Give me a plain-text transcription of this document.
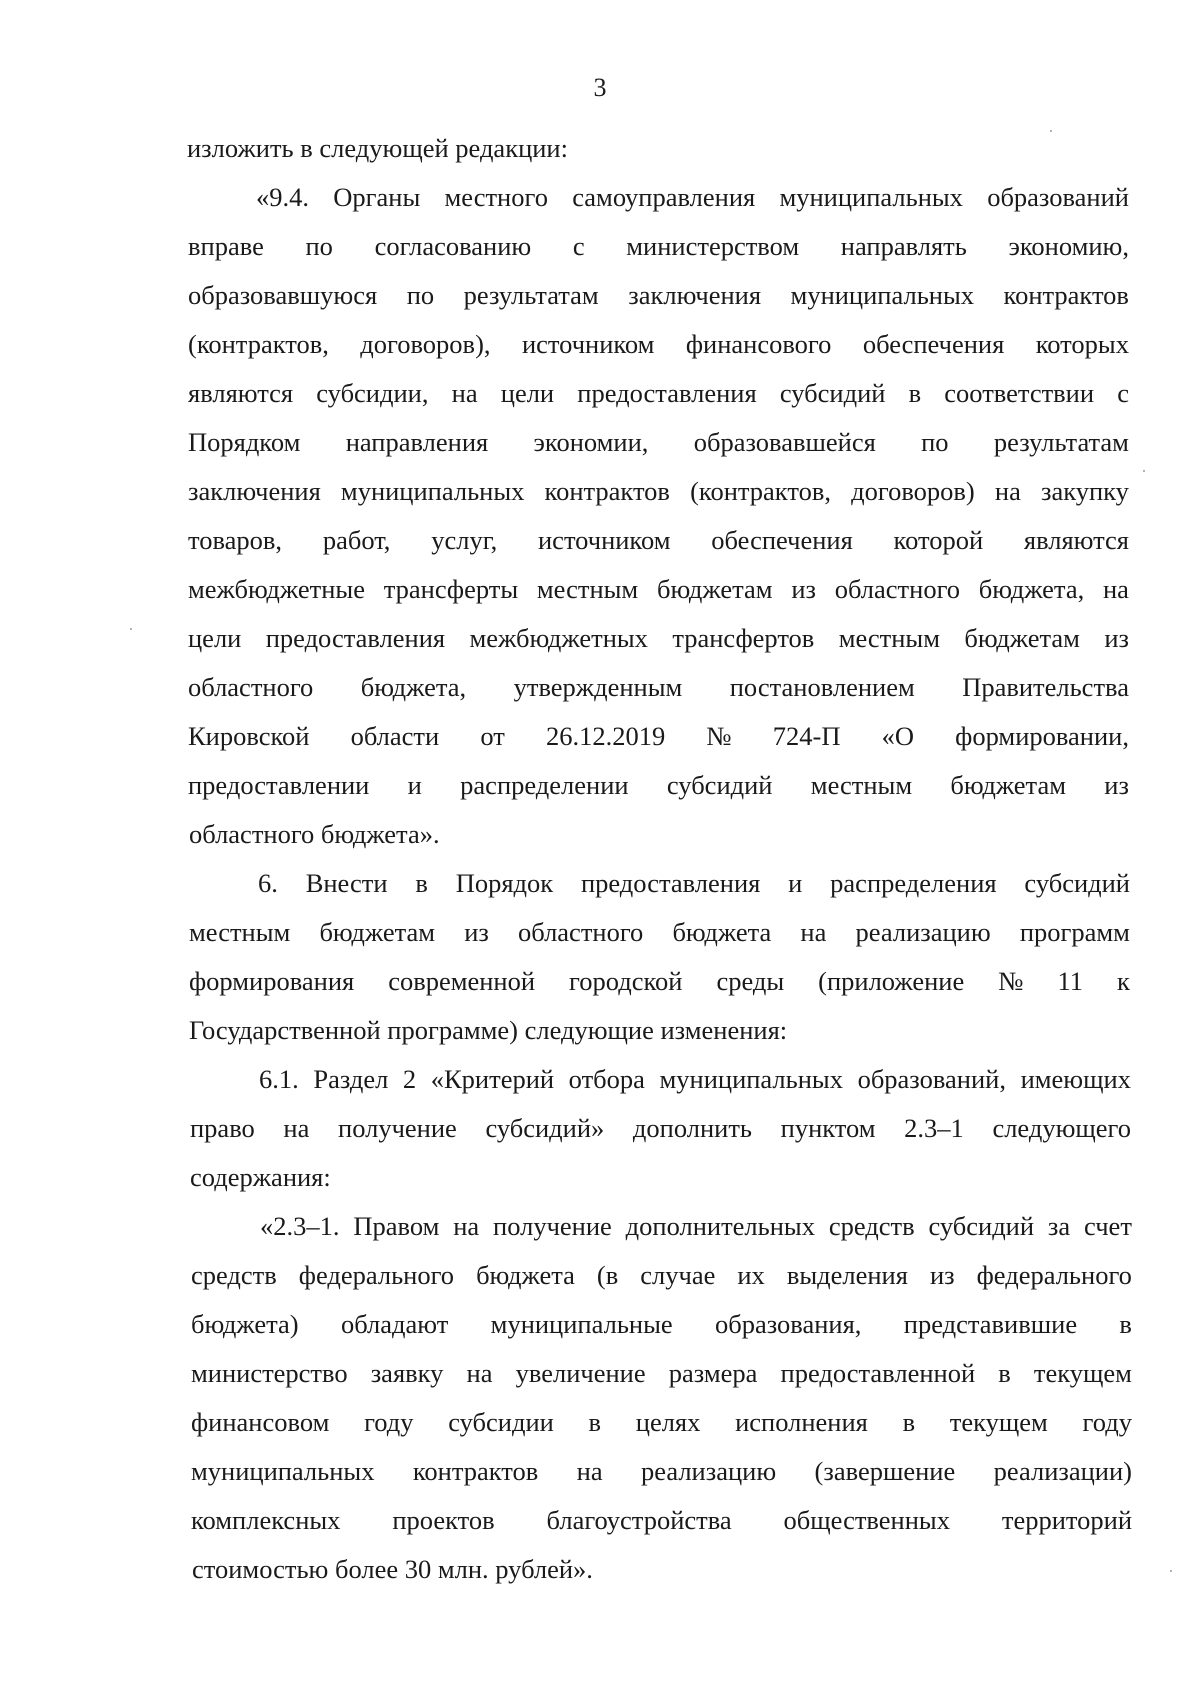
3
изложить в следующей редакции:
«9.4. Органы местного самоуправления муниципальных образований
вправе по согласованию с министерством направлять экономию,
образовавшуюся по результатам заключения муниципальных контрактов
(контрактов, договоров), источником финансового обеспечения которых
являются субсидии, на цели предоставления субсидий в соответствии с
Порядком направления экономии, образовавшейся по результатам
заключения муниципальных контрактов (контрактов, договоров) на закупку
товаров, работ, услуг, источником обеспечения которой являются
межбюджетные трансферты местным бюджетам из областного бюджета, на
цели предоставления межбюджетных трансфертов местным бюджетам из
областного бюджета, утвержденным постановлением Правительства
Кировской области от 26.12.2019 № 724-П «О формировании,
предоставлении и распределении субсидий местным бюджетам из
областного бюджета».
6. Внести в Порядок предоставления и распределения субсидий
местным бюджетам из областного бюджета на реализацию программ
формирования современной городской среды (приложение № 11 к
Государственной программе) следующие изменения:
6.1. Раздел 2 «Критерий отбора муниципальных образований, имеющих
право на получение субсидий» дополнить пунктом 2.3–1 следующего
содержания:
«2.3–1. Правом на получение дополнительных средств субсидий за счет
средств федерального бюджета (в случае их выделения из федерального
бюджета) обладают муниципальные образования, представившие в
министерство заявку на увеличение размера предоставленной в текущем
финансовом году субсидии в целях исполнения в текущем году
муниципальных контрактов на реализацию (завершение реализации)
комплексных проектов благоустройства общественных территорий
стоимостью более 30 млн. рублей».
